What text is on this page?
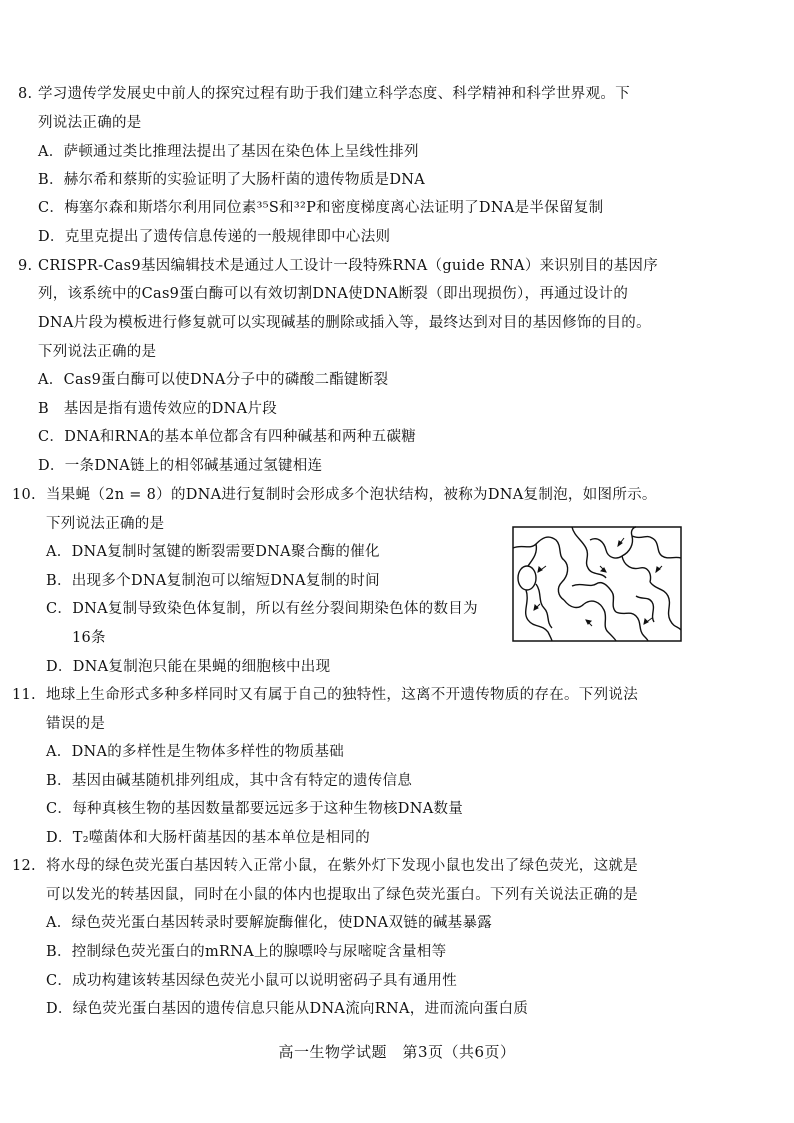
8. 学习遗传学发展史中前人的探究过程有助于我们建立科学态度、科学精神和科学世界观。下
列说法正确的是
A．萨顿通过类比推理法提出了基因在染色体上呈线性排列
B．赫尔希和蔡斯的实验证明了大肠杆菌的遗传物质是DNA
C．梅塞尔森和斯塔尔利用同位素³⁵S和³²P和密度梯度离心法证明了DNA是半保留复制
D．克里克提出了遗传信息传递的一般规律即中心法则
9. CRISPR-Cas9基因编辑技术是通过人工设计一段特殊RNA（guide RNA）来识别目的基因序
列，该系统中的Cas9蛋白酶可以有效切割DNA使DNA断裂（即出现损伤），再通过设计的
DNA片段为模板进行修复就可以实现碱基的删除或插入等，最终达到对目的基因修饰的目的。
下列说法正确的是
A．Cas9蛋白酶可以使DNA分子中的磷酸二酯键断裂
B　基因是指有遗传效应的DNA片段
C．DNA和RNA的基本单位都含有四种碱基和两种五碳糖
D．一条DNA链上的相邻碱基通过氢键相连
10. 当果蝇（2n = 8）的DNA进行复制时会形成多个泡状结构，被称为DNA复制泡，如图所示。
下列说法正确的是
A．DNA复制时氢键的断裂需要DNA聚合酶的催化
B．出现多个DNA复制泡可以缩短DNA复制的时间
C．DNA复制导致染色体复制，所以有丝分裂间期染色体的数目为
16条
D．DNA复制泡只能在果蝇的细胞核中出现
11. 地球上生命形式多种多样同时又有属于自己的独特性，这离不开遗传物质的存在。下列说法
错误的是
A．DNA的多样性是生物体多样性的物质基础
B．基因由碱基随机排列组成，其中含有特定的遗传信息
C．每种真核生物的基因数量都要远远多于这种生物核DNA数量
D．T₂噬菌体和大肠杆菌基因的基本单位是相同的
12. 将水母的绿色荧光蛋白基因转入正常小鼠，在紫外灯下发现小鼠也发出了绿色荧光，这就是
可以发光的转基因鼠，同时在小鼠的体内也提取出了绿色荧光蛋白。下列有关说法正确的是
A．绿色荧光蛋白基因转录时要解旋酶催化，使DNA双链的碱基暴露
B．控制绿色荧光蛋白的mRNA上的腺嘌呤与尿嘧啶含量相等
C．成功构建该转基因绿色荧光小鼠可以说明密码子具有通用性
D．绿色荧光蛋白基因的遗传信息只能从DNA流向RNA，进而流向蛋白质
高一生物学试题　第3页（共6页）
